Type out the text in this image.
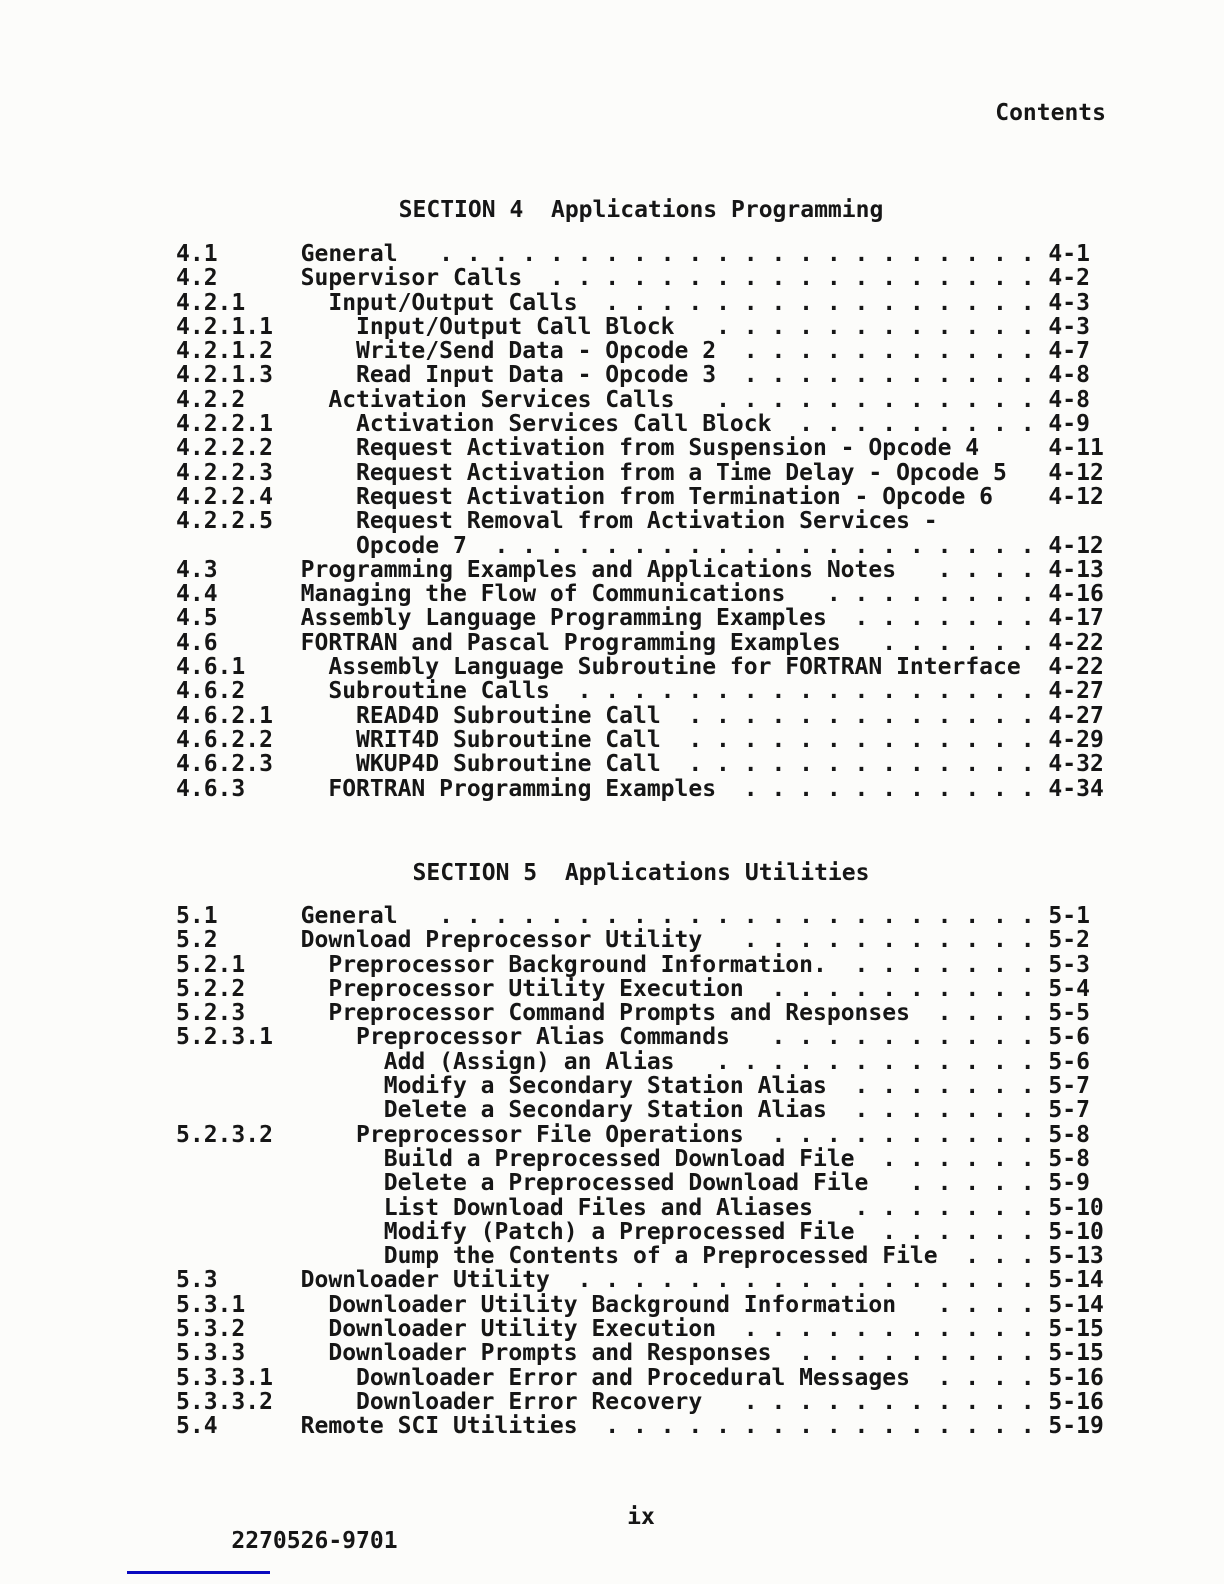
Contents
SECTION 4  Applications Programming
4.1	General   . . . . . . . . . . . . . . . . . . . . . . 4-1
4.2	Supervisor Calls  . . . . . . . . . . . . . . . . . . 4-2
4.2.1	Input/Output Calls  . . . . . . . . . . . . . . . . 4-3
4.2.1.1	Input/Output Call Block   . . . . . . . . . . . . 4-3
4.2.1.2	Write/Send Data - Opcode 2  . . . . . . . . . . . 4-7
4.2.1.3	Read Input Data - Opcode 3  . . . . . . . . . . . 4-8
4.2.2	Activation Services Calls   . . . . . . . . . . . . 4-8
4.2.2.1	Activation Services Call Block  . . . . . . . . . 4-9
4.2.2.2	Request Activation from Suspension - Opcode 4	4-11
4.2.2.3	Request Activation from a Time Delay - Opcode 5 4-12
4.2.2.4	Request Activation from Termination - Opcode 6 4-12
4.2.2.5	Request Removal from Activation Services -
Opcode 7  . . . . . . . . . . . . . . . . . . . . 4-12
4.3	Programming Examples and Applications Notes   . . . . 4-13
4.4	Managing the Flow of Communications   . . . . . . . . 4-16
4.5	Assembly Language Programming Examples  . . . . . . . 4-17
4.6	FORTRAN and Pascal Programming Examples   . . . . . . 4-22
4.6.1	Assembly Language Subroutine for FORTRAN Interface 4-22
4.6.2	Subroutine Calls  . . . . . . . . . . . . . . . . . 4-27
4.6.2.1	READ4D Subroutine Call  . . . . . . . . . . . . . 4-27
4.6.2.2	WRIT4D Subroutine Call  . . . . . . . . . . . . . 4-29
4.6.2.3	WKUP4D Subroutine Call  . . . . . . . . . . . . . 4-32
4.6.3	FORTRAN Programming Examples  . . . . . . . . . . . 4-34
SECTION 5  Applications Utilities
5.1	General   . . . . . . . . . . . . . . . . . . . . . . 5-1
5.2	Download Preprocessor Utility   . . . . . . . . . . . 5-2
5.2.1	Preprocessor Background Information.  . . . . . . . 5-3
5.2.2	Preprocessor Utility Execution  . . . . . . . . . . 5-4
5.2.3	Preprocessor Command Prompts and Responses  . . . . 5-5
5.2.3.1	Preprocessor Alias Commands   . . . . . . . . . . 5-6
Add (Assign) an Alias   . . . . . . . . . . . . 5-6
Modify a Secondary Station Alias  . . . . . . . 5-7
Delete a Secondary Station Alias  . . . . . . . 5-7
5.2.3.2	Preprocessor File Operations  . . . . . . . . . . 5-8
Build a Preprocessed Download File  . . . . . . 5-8
Delete a Preprocessed Download File   . . . . . 5-9
List Download Files and Aliases   . . . . . . . 5-10
Modify (Patch) a Preprocessed File  . . . . . . 5-10
Dump the Contents of a Preprocessed File  . . . 5-13
5.3	Downloader Utility  . . . . . . . . . . . . . . . . . 5-14
5.3.1	Downloader Utility Background Information   . . . . 5-14
5.3.2	Downloader Utility Execution  . . . . . . . . . . . 5-15
5.3.3	Downloader Prompts and Responses  . . . . . . . . . 5-15
5.3.3.1	Downloader Error and Procedural Messages  . . . . 5-16
5.3.3.2	Downloader Error Recovery   . . . . . . . . . . . 5-16
5.4	Remote SCI Utilities  . . . . . . . . . . . . . . . . 5-19

2270526-9701

ix
